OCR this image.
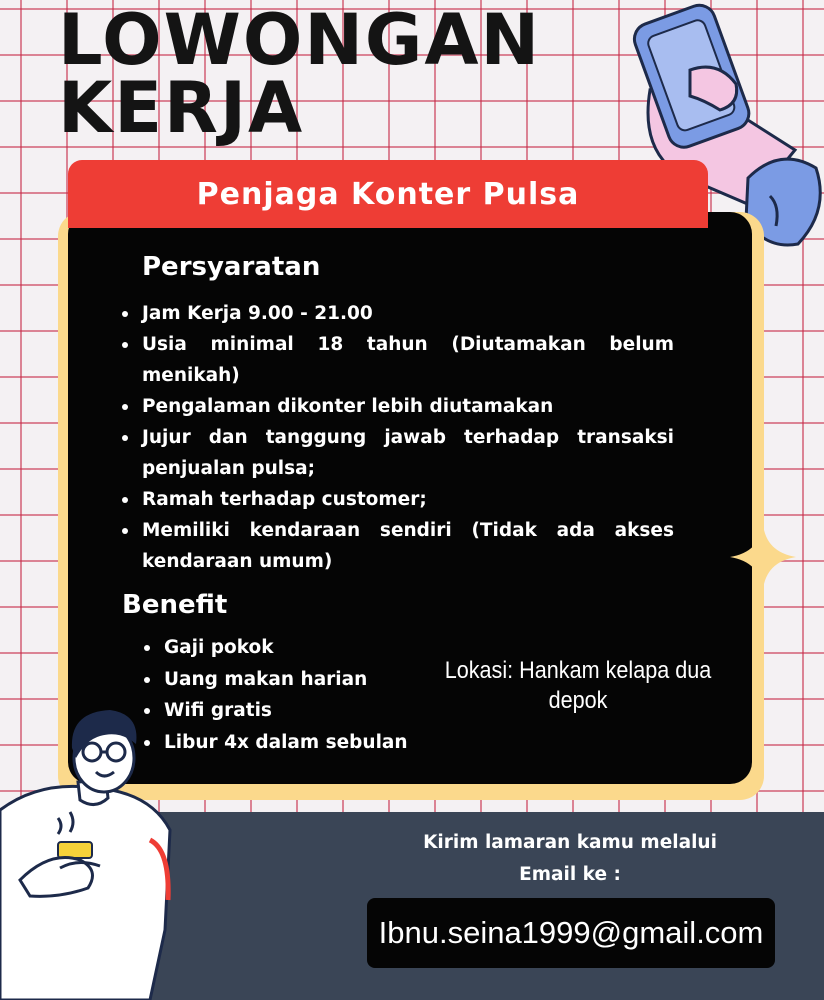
LOWONGAN
KERJA
Penjaga Konter Pulsa
Persyaratan
Jam Kerja 9.00 - 21.00
Usia minimal 18 tahun (Diutamakan belum menikah)
Pengalaman dikonter lebih diutamakan
Jujur dan tanggung jawab terhadap transaksi penjualan pulsa;
Ramah terhadap customer;
Memiliki kendaraan sendiri (Tidak ada akses kendaraan umum)
Benefit
Gaji pokok
Uang makan harian
Wifi gratis
Libur 4x dalam sebulan
Lokasi: Hankam kelapa dua
depok
Kirim lamaran kamu melalui
Email ke :
Ibnu.seina1999@gmail.com
